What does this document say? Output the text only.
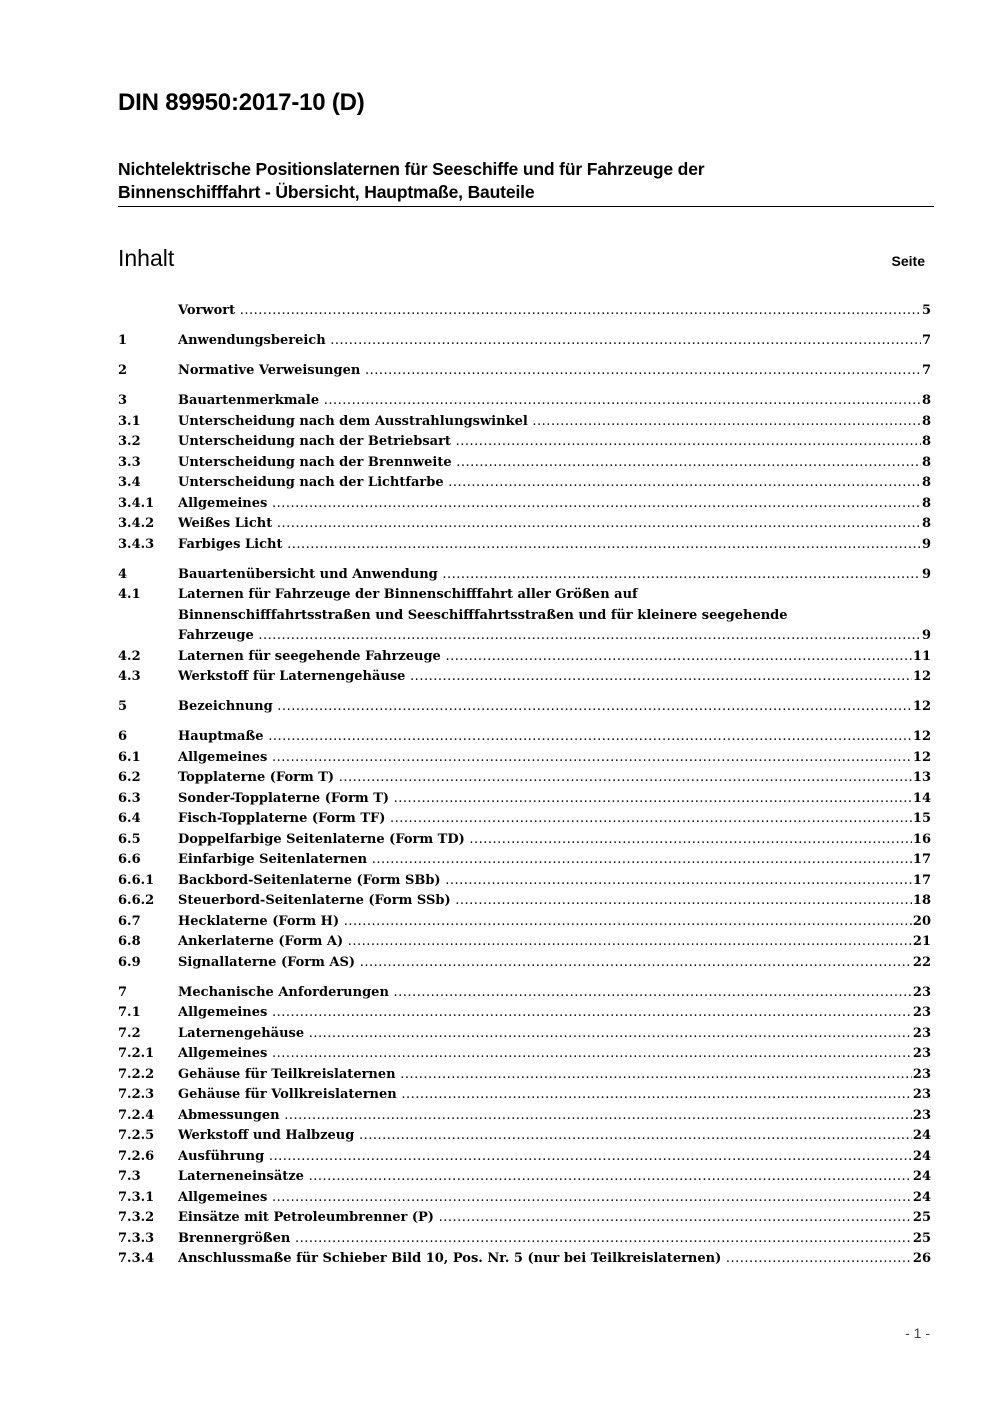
DIN 89950:2017-10 (D)
Nichtelektrische Positionslaternen für Seeschiffe und für Fahrzeuge der
Binnenschifffahrt - Übersicht, Hauptmaße, Bauteile
Inhalt	Seite
Vorwort .....	5
1	Anwendungsbereich .....	7
2	Normative Verweisungen .....	7
3	Bauartenmerkmale .....	8
3.1	Unterscheidung nach dem Ausstrahlungswinkel .....	8
3.2	Unterscheidung nach der Betriebsart .....	8
3.3	Unterscheidung nach der Brennweite .....	8
3.4	Unterscheidung nach der Lichtfarbe .....	8
3.4.1	Allgemeines .....	8
3.4.2	Weißes Licht .....	8
3.4.3	Farbiges Licht .....	9
4	Bauartenübersicht und Anwendung .....	9
4.1	Laternen für Fahrzeuge der Binnenschifffahrt aller Größen auf
Binnenschifffahrtsstraßen und Seeschifffahrtsstraßen und für kleinere seegehende
Fahrzeuge .....	9
4.2	Laternen für seegehende Fahrzeuge .....	11
4.3	Werkstoff für Laternengehäuse .....	12
5	Bezeichnung .....	12
6	Hauptmaße .....	12
6.1	Allgemeines .....	12
6.2	Topplaterne (Form T) .....	13
6.3	Sonder-Topplaterne (Form T) .....	14
6.4	Fisch-Topplaterne (Form TF) .....	15
6.5	Doppelfarbige Seitenlaterne (Form TD) .....	16
6.6	Einfarbige Seitenlaternen .....	17
6.6.1	Backbord-Seitenlaterne (Form SBb) .....	17
6.6.2	Steuerbord-Seitenlaterne (Form SSb) .....	18
6.7	Hecklaterne (Form H) .....	20
6.8	Ankerlaterne (Form A) .....	21
6.9	Signallaterne (Form AS) .....	22
7	Mechanische Anforderungen .....	23
7.1	Allgemeines .....	23
7.2	Laternengehäuse .....	23
7.2.1	Allgemeines .....	23
7.2.2	Gehäuse für Teilkreislaternen .....	23
7.2.3	Gehäuse für Vollkreislaternen .....	23
7.2.4	Abmessungen .....	23
7.2.5	Werkstoff und Halbzeug .....	24
7.2.6	Ausführung .....	24
7.3	Laterneneinsätze .....	24
7.3.1	Allgemeines .....	24
7.3.2	Einsätze mit Petroleumbrenner (P) .....	25
7.3.3	Brennergrößen .....	25
7.3.4	Anschlussmaße für Schieber Bild 10, Pos. Nr. 5 (nur bei Teilkreislaternen) .....	26
- 1 -
